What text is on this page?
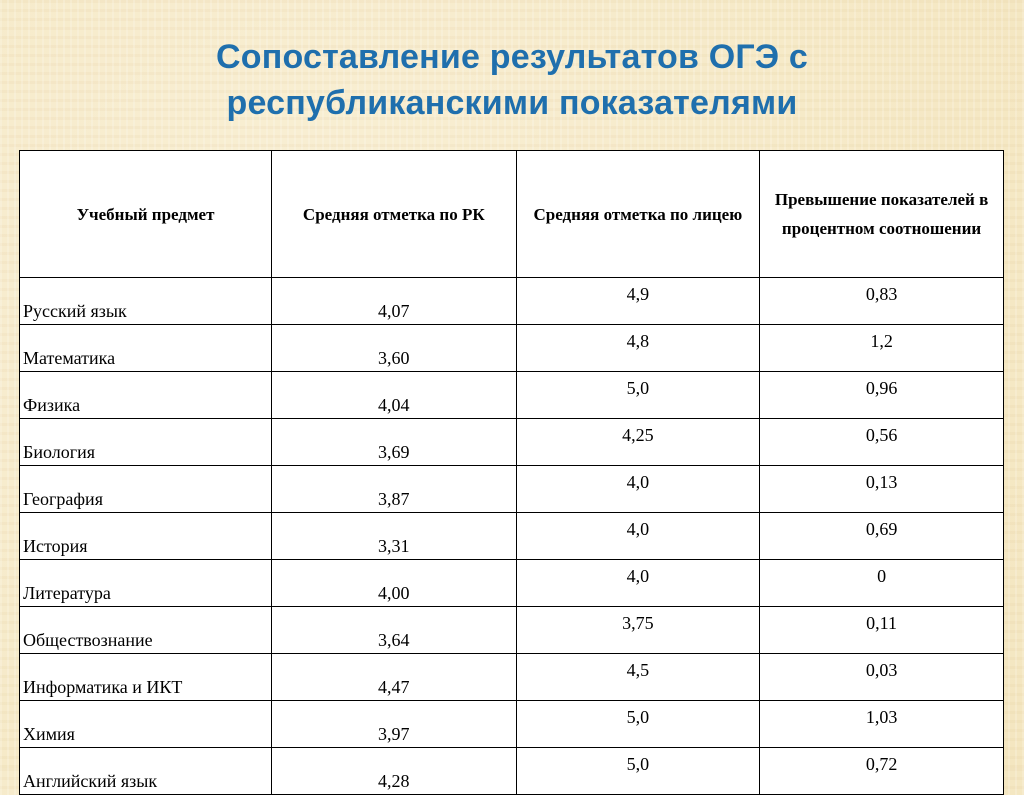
Сопоставление результатов ОГЭ с
республиканскими показателями
Учебный предмет	Средняя отметка по РК	Средняя отметка по лицею	Превышение показателей в процентном соотношении
Русский язык	4,07	4,9	0,83
Математика	3,60	4,8	1,2
Физика	4,04	5,0	0,96
Биология	3,69	4,25	0,56
География	3,87	4,0	0,13
История	3,31	4,0	0,69
Литература	4,00	4,0	0
Обществознание	3,64	3,75	0,11
Информатика и ИКТ	4,47	4,5	0,03
Химия	3,97	5,0	1,03
Английский язык	4,28	5,0	0,72
